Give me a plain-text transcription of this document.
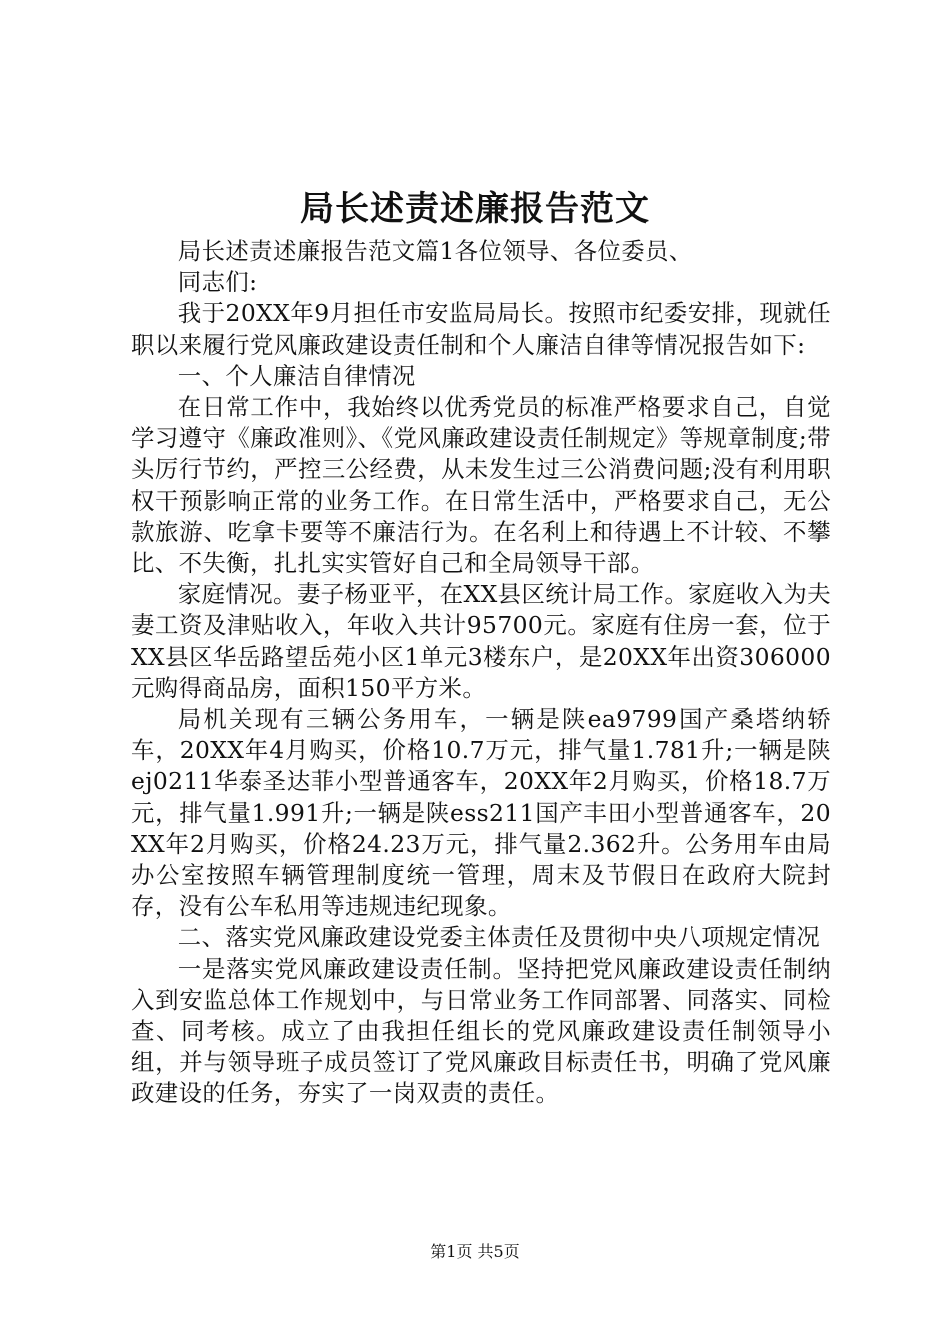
局长述责述廉报告范文

局长述责述廉报告范文篇1各位领导、各位委员、

同志们:

我于20XX年9月担任市安监局局长。按照市纪委安排，现就任职以来履行党风廉政建设责任制和个人廉洁自律等情况报告如下:

一、个人廉洁自律情况

在日常工作中，我始终以优秀党员的标准严格要求自己，自觉学习遵守《廉政准则》、《党风廉政建设责任制规定》等规章制度;带头厉行节约，严控三公经费，从未发生过三公消费问题;没有利用职权干预影响正常的业务工作。在日常生活中，严格要求自己，无公款旅游、吃拿卡要等不廉洁行为。在名利上和待遇上不计较、不攀比、不失衡，扎扎实实管好自己和全局领导干部。

家庭情况。妻子杨亚平，在XX县区统计局工作。家庭收入为夫妻工资及津贴收入，年收入共计95700元。家庭有住房一套，位于XX县区华岳路望岳苑小区1单元3楼东户，是20XX年出资306000元购得商品房，面积150平方米。

局机关现有三辆公务用车，一辆是陕ea9799国产桑塔纳轿车，20XX年4月购买，价格10.7万元，排气量1.781升;一辆是陕ej0211华泰圣达菲小型普通客车，20XX年2月购买，价格18.7万元，排气量1.991升;一辆是陕ess211国产丰田小型普通客车，20XX年2月购买，价格24.23万元，排气量2.362升。公务用车由局办公室按照车辆管理制度统一管理，周末及节假日在政府大院封存，没有公车私用等违规违纪现象。

二、落实党风廉政建设党委主体责任及贯彻中央八项规定情况

一是落实党风廉政建设责任制。坚持把党风廉政建设责任制纳入到安监总体工作规划中，与日常业务工作同部署、同落实、同检查、同考核。成立了由我担任组长的党风廉政建设责任制领导小组，并与领导班子成员签订了党风廉政目标责任书，明确了党风廉政建设的任务，夯实了一岗双责的责任。

第1页 共5页
